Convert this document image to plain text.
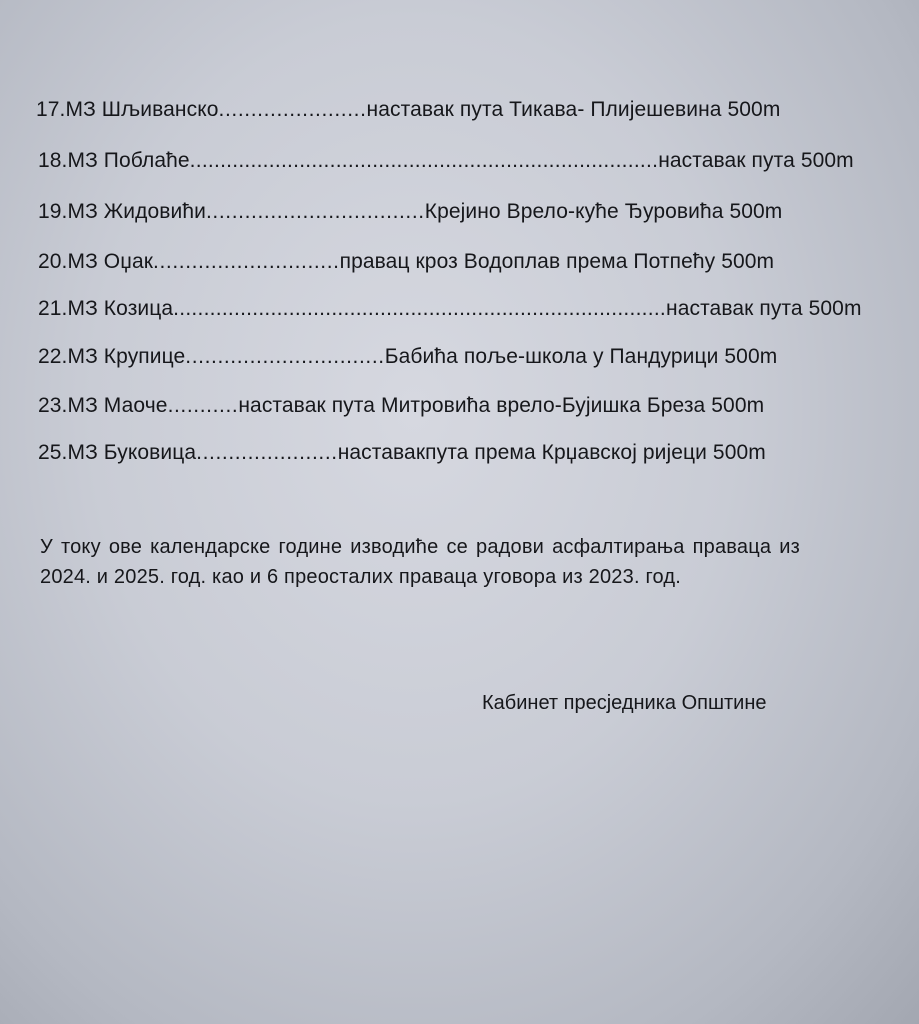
17.МЗ Шљиванско.......................наставак пута Тикава- Плијешевина 500m
18.МЗ Поблаће.............................................................................наставак пута 500m
19.МЗ Жидовићи..................................Крејино Врело-куће Ђуровића 500m
20.МЗ Оџак.............................правац кроз Водоплав према Потпећу 500m
21.МЗ Козица.................................................................................наставак пута 500m
22.МЗ Крупице...............................Бабића поље-школа у Пандурици 500m
23.МЗ Маоче...........наставак пута Митровића врело-Бујишка Бреза 500m
25.МЗ Буковица......................наставакпута према Крџавској ријеци 500m
У току ове календарске године изводиће се радови асфалтирања праваца из 2024. и 2025. год. као и 6 преосталих праваца уговора из 2023. год.
Кабинет пресједника Општине
